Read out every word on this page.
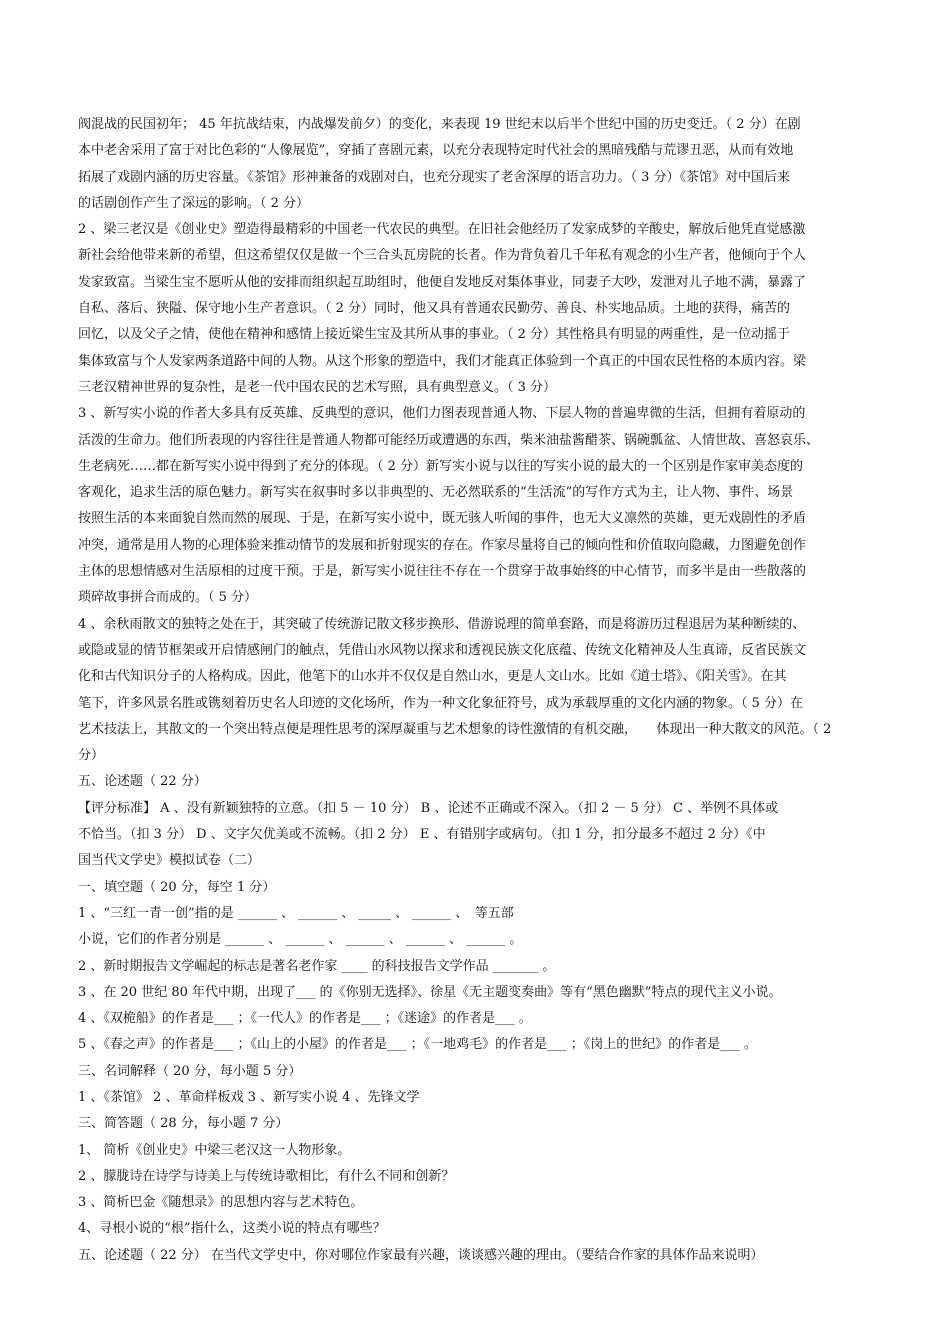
阀混战的民国初年； 45 年抗战结束，内战爆发前夕）的变化，来表现 19 世纪末以后半个世纪中国的历史变迁。（ 2 分）在剧
本中老舍采用了富于对比色彩的“人像展览”，穿插了喜剧元素，以充分表现特定时代社会的黑暗残酷与荒谬丑恶，从而有效地
拓展了戏剧内涵的历史容量。《茶馆》形神兼备的戏剧对白，也充分现实了老舍深厚的语言功力。（ 3 分）《茶馆》对中国后来
的话剧创作产生了深远的影响。（ 2 分）
2 、梁三老汉是《创业史》塑造得最精彩的中国老一代农民的典型。在旧社会他经历了发家成梦的辛酸史，解放后他凭直觉感激
新社会给他带来新的希望，但这希望仅仅是做一个三合头瓦房院的长者。作为背负着几千年私有观念的小生产者，他倾向于个人
发家致富。当梁生宝不愿听从他的安排而组织起互助组时，他便自发地反对集体事业，同妻子大吵，发泄对儿子地不满，暴露了
自私、落后、狭隘、保守地小生产者意识。（ 2 分）同时，他又具有普通农民勤劳、善良、朴实地品质。土地的获得，痛苦的
回忆，以及父子之情，使他在精神和感情上接近梁生宝及其所从事的事业。（ 2 分）其性格具有明显的两重性，是一位动摇于
集体致富与个人发家两条道路中间的人物。从这个形象的塑造中，我们才能真正体验到一个真正的中国农民性格的本质内容。梁
三老汉精神世界的复杂性，是老一代中国农民的艺术写照，具有典型意义。（ 3 分）
3 、新写实小说的作者大多具有反英雄、反典型的意识，他们力图表现普通人物、下层人物的普遍卑微的生活，但拥有着原动的
活泼的生命力。他们所表现的内容往往是普通人物都可能经历或遭遇的东西，柴米油盐酱醋茶、锅碗瓢盆、人情世故、喜怒哀乐、
生老病死……都在新写实小说中得到了充分的体现。（ 2 分）新写实小说与以往的写实小说的最大的一个区别是作家审美态度的
客观化，追求生活的原色魅力。新写实在叙事时多以非典型的、无必然联系的“生活流”的写作方式为主，让人物、事件、场景
按照生活的本来面貌自然而然的展现、于是，在新写实小说中，既无骇人听闻的事件，也无大义凛然的英雄，更无戏剧性的矛盾
冲突，通常是用人物的心理体验来推动情节的发展和折射现实的存在。作家尽量将自己的倾向性和价值取向隐藏，力图避免创作
主体的思想情感对生活原相的过度干预。于是，新写实小说往往不存在一个贯穿于故事始终的中心情节，而多半是由一些散落的
琐碎故事拼合而成的。（ 5 分）
4 、余秋雨散文的独特之处在于，其突破了传统游记散文移步换形、借游说理的简单套路，而是将游历过程退居为某种断续的、
或隐或显的情节框架或开启情感闸门的触点，凭借山水风物以探求和透视民族文化底蕴、传统文化精神及人生真谛，反省民族文
化和古代知识分子的人格构成。因此，他笔下的山水并不仅仅是自然山水，更是人文山水。比如《道士塔》、《阳关雪》。在其
笔下，许多风景名胜或镌刻着历史名人印迹的文化场所，作为一种文化象征符号，成为承载厚重的文化内涵的物象。（ 5 分）在
艺术技法上，其散文的一个突出特点便是理性思考的深厚凝重与艺术想象的诗性激情的有机交融，　　体现出一种大散文的风范。（ 2
分）
五、论述题（ 22 分）
【评分标准】 A 、没有新颖独特的立意。（扣 5 － 10 分） B 、论述不正确或不深入。（扣 2 － 5 分） C 、举例不具体或
不恰当。（扣 3 分） D 、文字欠优美或不流畅。（扣 2 分） E 、有错别字或病句。（扣 1 分，扣分最多不超过 2 分）《中
国当代文学史》模拟试卷（二）
一、填空题（ 20 分，每空 1 分）
1 、“三红一青一创”指的是 ______ 、 ______ 、 _____ 、 ______ 、　等五部
小说，它们的作者分别是 ______ 、 ______ 、 ______ 、 ______ 、 ______ 。
2 、新时期报告文学崛起的标志是著名老作家 ____ 的科技报告文学作品 _______ 。
3 、在 20 世纪 80 年代中期，出现了___ 的《你别无选择》、徐星《无主题变奏曲》等有“黑色幽默”特点的现代主义小说。
4 、《双桅船》的作者是___ ；《一代人》的作者是___ ；《迷途》的作者是___ 。
5 、《春之声》的作者是___ ；《山上的小屋》的作者是___ ；《一地鸡毛》的作者是___ ；《岗上的世纪》的作者是___ 。
三、名词解释（ 20 分，每小题 5 分）
1 、《茶馆》 2 、革命样板戏 3 、新写实小说 4 、先锋文学
三、简答题（ 28 分，每小题 7 分）
1、 简析《创业史》中梁三老汉这一人物形象。
2 、朦胧诗在诗学与诗美上与传统诗歌相比，有什么不同和创新？
3 、简析巴金《随想录》的思想内容与艺术特色。
4、寻根小说的“根”指什么，这类小说的特点有哪些？
五、论述题（ 22 分） 在当代文学史中，你对哪位作家最有兴趣，谈谈感兴趣的理由。（要结合作家的具体作品来说明）
